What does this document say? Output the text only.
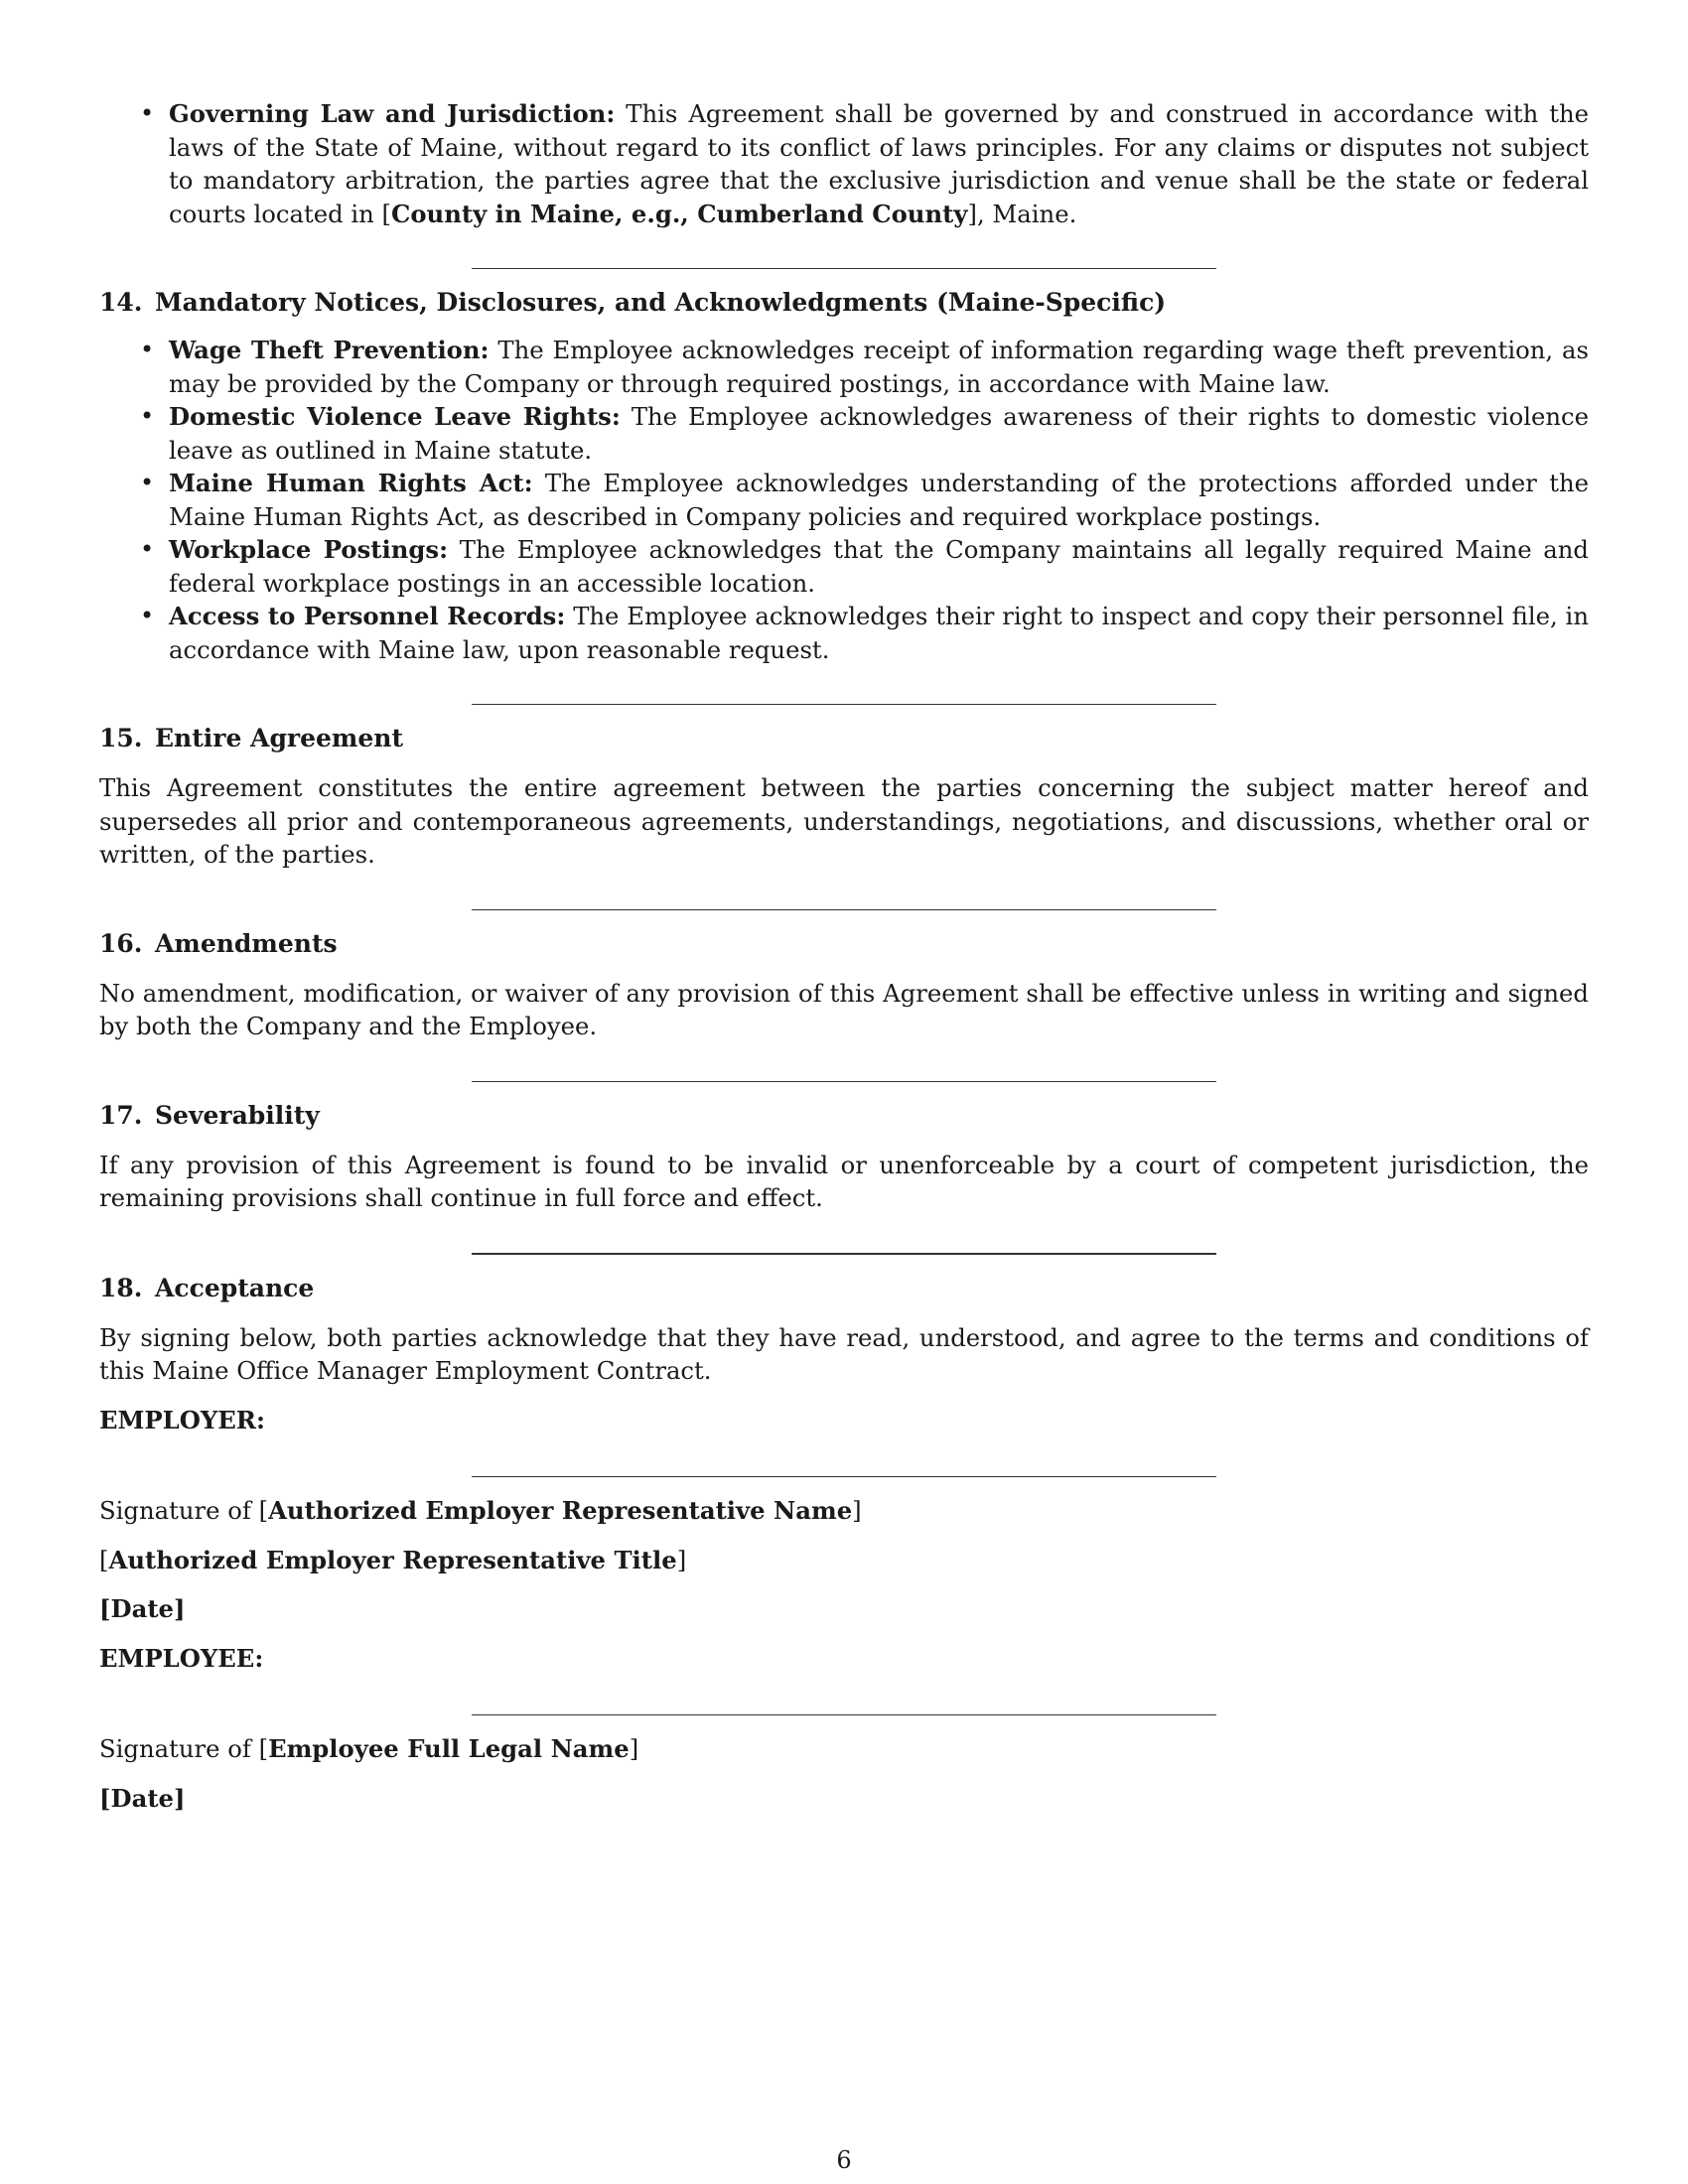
• Governing Law and Jurisdiction: This Agreement shall be governed by and construed in accordance with the laws of the State of Maine, without regard to its conflict of laws principles. For any claims or disputes not subject to mandatory arbitration, the parties agree that the exclusive jurisdiction and venue shall be the state or federal courts located in [County in Maine, e.g., Cumberland County], Maine.
14. Mandatory Notices, Disclosures, and Acknowledgments (Maine-Specific)
• Wage Theft Prevention: The Employee acknowledges receipt of information regarding wage theft prevention, as may be provided by the Company or through required postings, in accordance with Maine law.
• Domestic Violence Leave Rights: The Employee acknowledges awareness of their rights to domestic violence leave as outlined in Maine statute.
• Maine Human Rights Act: The Employee acknowledges understanding of the protections afforded under the Maine Human Rights Act, as described in Company policies and required workplace postings.
• Workplace Postings: The Employee acknowledges that the Company maintains all legally required Maine and federal workplace postings in an accessible location.
• Access to Personnel Records: The Employee acknowledges their right to inspect and copy their personnel file, in accordance with Maine law, upon reasonable request.
15. Entire Agreement

This Agreement constitutes the entire agreement between the parties concerning the subject matter hereof and supersedes all prior and contemporaneous agreements, understandings, negotiations, and discussions, whether oral or written, of the parties.

16. Amendments

No amendment, modification, or waiver of any provision of this Agreement shall be effective unless in writing and signed by both the Company and the Employee.

17. Severability

If any provision of this Agreement is found to be invalid or unenforceable by a court of competent jurisdiction, the remaining provisions shall continue in full force and effect.

18. Acceptance

By signing below, both parties acknowledge that they have read, understood, and agree to the terms and conditions of this Maine Office Manager Employment Contract.

EMPLOYER:
Signature of [Authorized Employer Representative Name]
[Authorized Employer Representative Title]
[Date]
EMPLOYEE:
Signature of [Employee Full Legal Name]
[Date]
6
